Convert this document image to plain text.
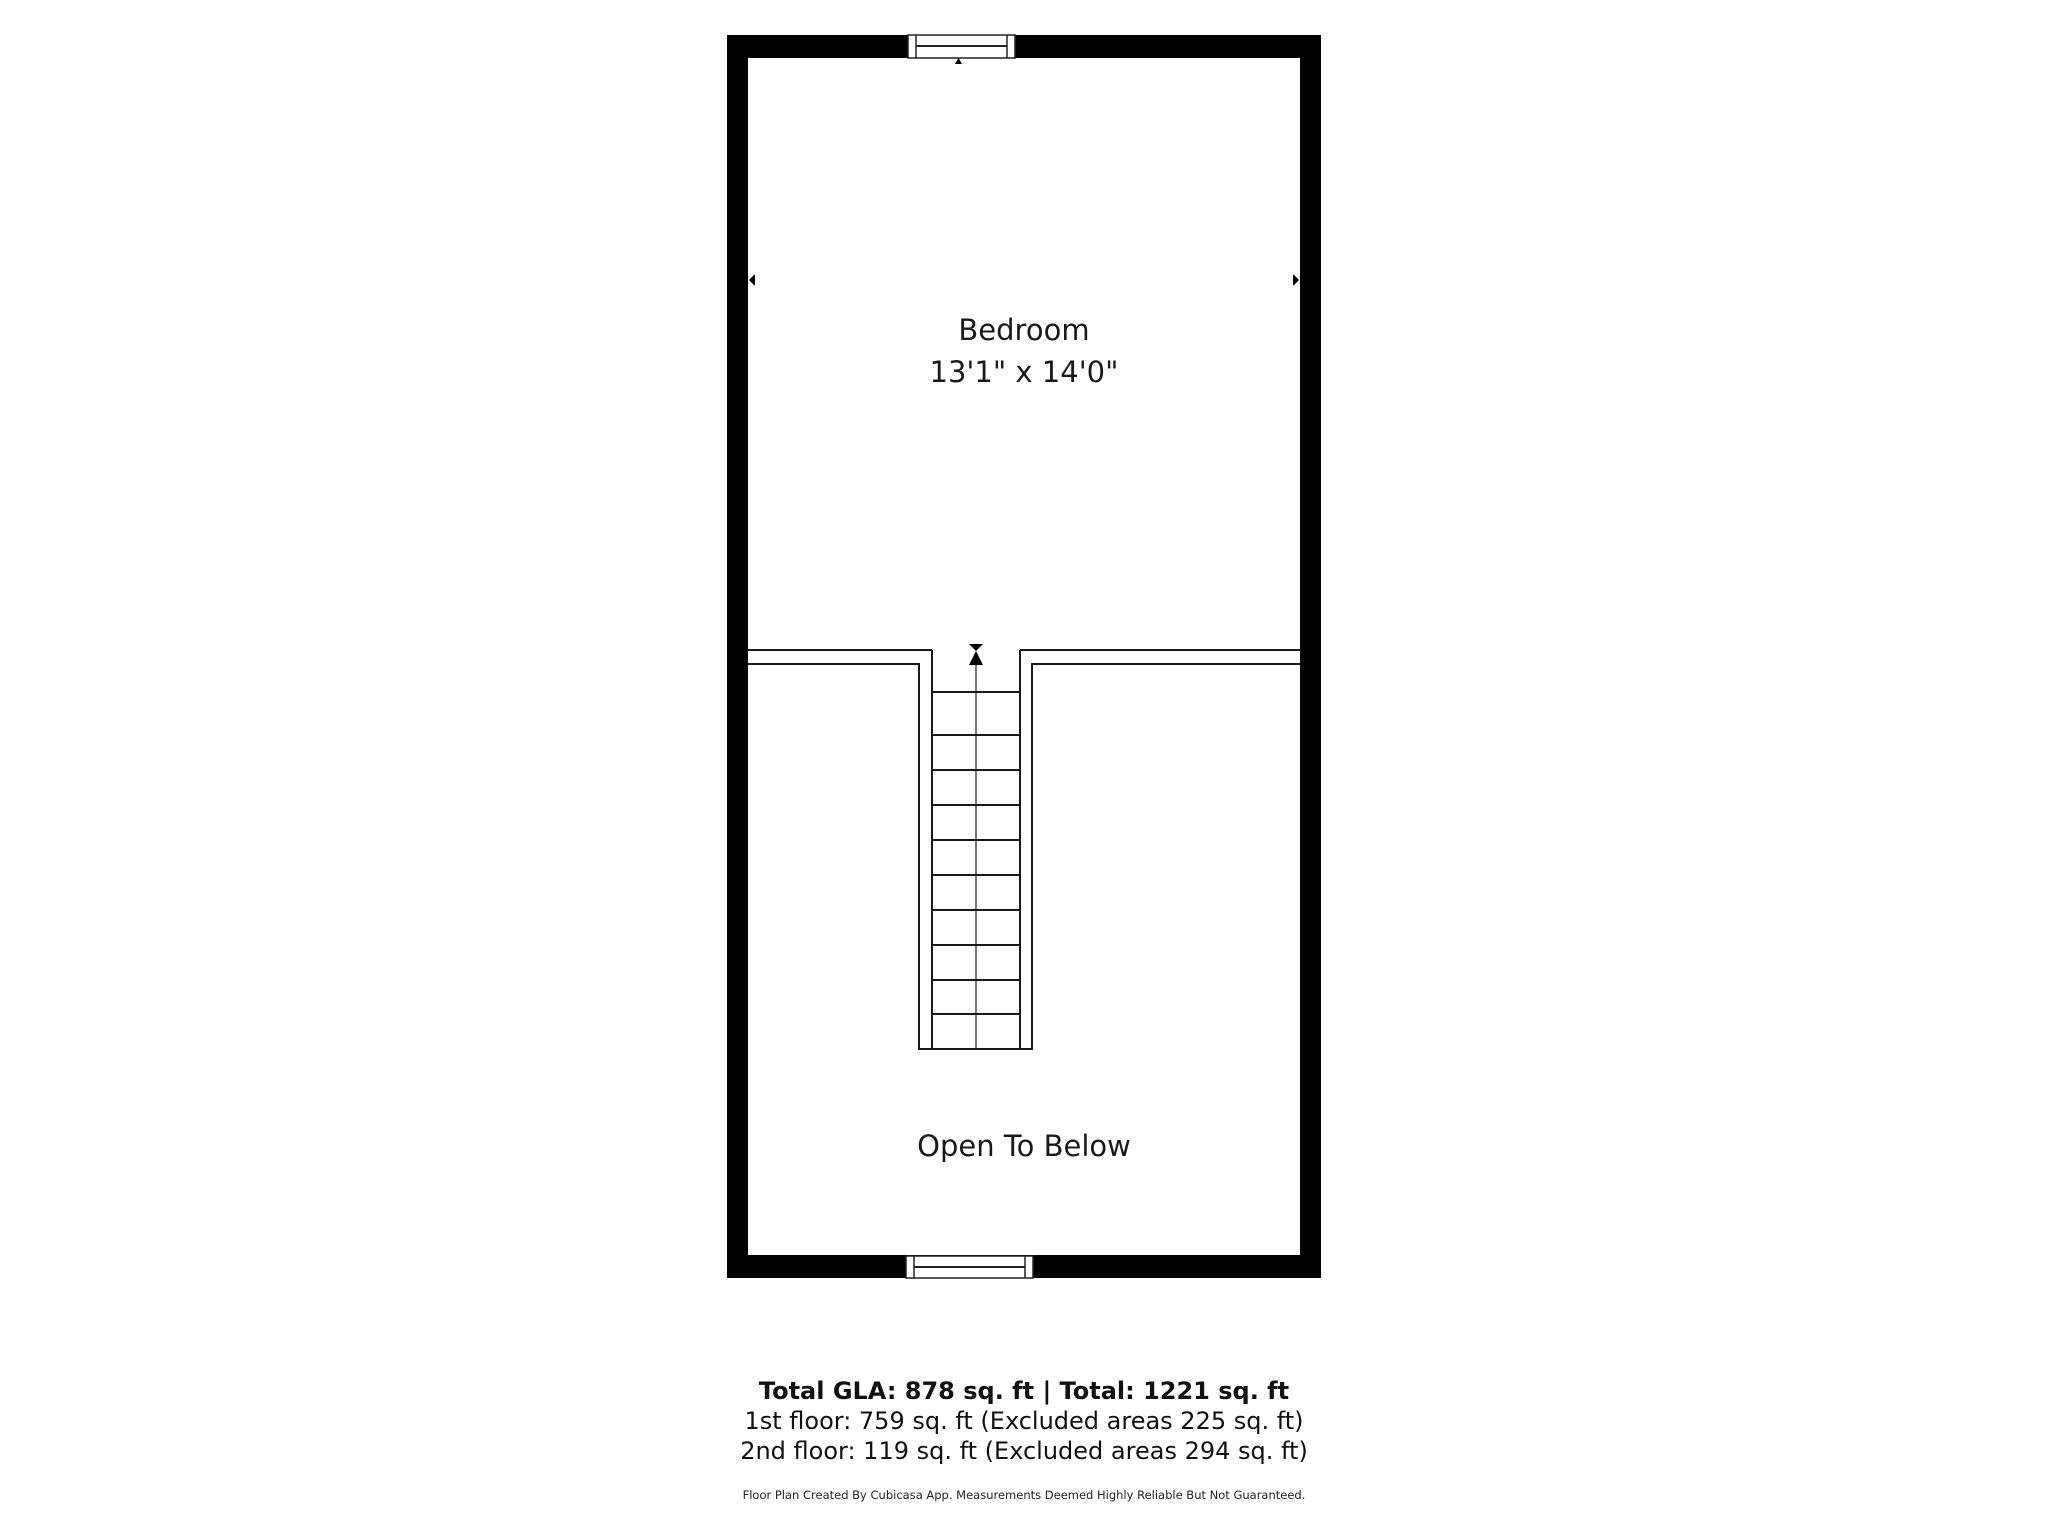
Bedroom
13'1" x 14'0"
Open To Below
Total GLA: 878 sq. ft | Total: 1221 sq. ft
1st floor: 759 sq. ft (Excluded areas 225 sq. ft)
2nd floor: 119 sq. ft (Excluded areas 294 sq. ft)
Floor Plan Created By Cubicasa App. Measurements Deemed Highly Reliable But Not Guaranteed.
